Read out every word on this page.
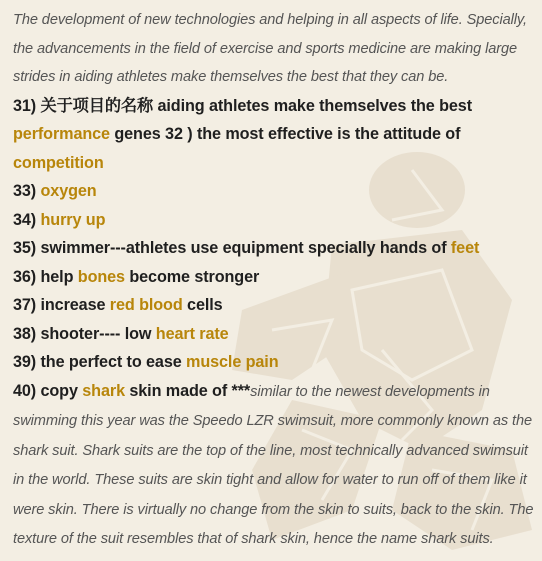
The development of new technologies and helping in all aspects of life. Specially, the advancements in the field of exercise and sports medicine are making large strides in aiding athletes make themselves the best that they can be.

31) 关于项目的名称 aiding athletes make themselves the best performance genes 32 ) the most effective is the attitude of competition

33) oxygen

34) hurry up

35) swimmer---athletes use equipment specially hands of feet

36) help bones become stronger

37) increase red blood cells

38) shooter---- low heart rate

39) the perfect to ease muscle pain

40) copy shark skin made of ***similar to the newest developments in swimming this year was the Speedo LZR swimsuit, more commonly known as the shark suit. Shark suits are the top of the line, most technically advanced swimsuit in the world. These suits are skin tight and allow for water to run off of them like it were skin. There is virtually no change from the skin to suits, back to the skin. The texture of the suit resembles that of shark skin, hence the name shark suits.
